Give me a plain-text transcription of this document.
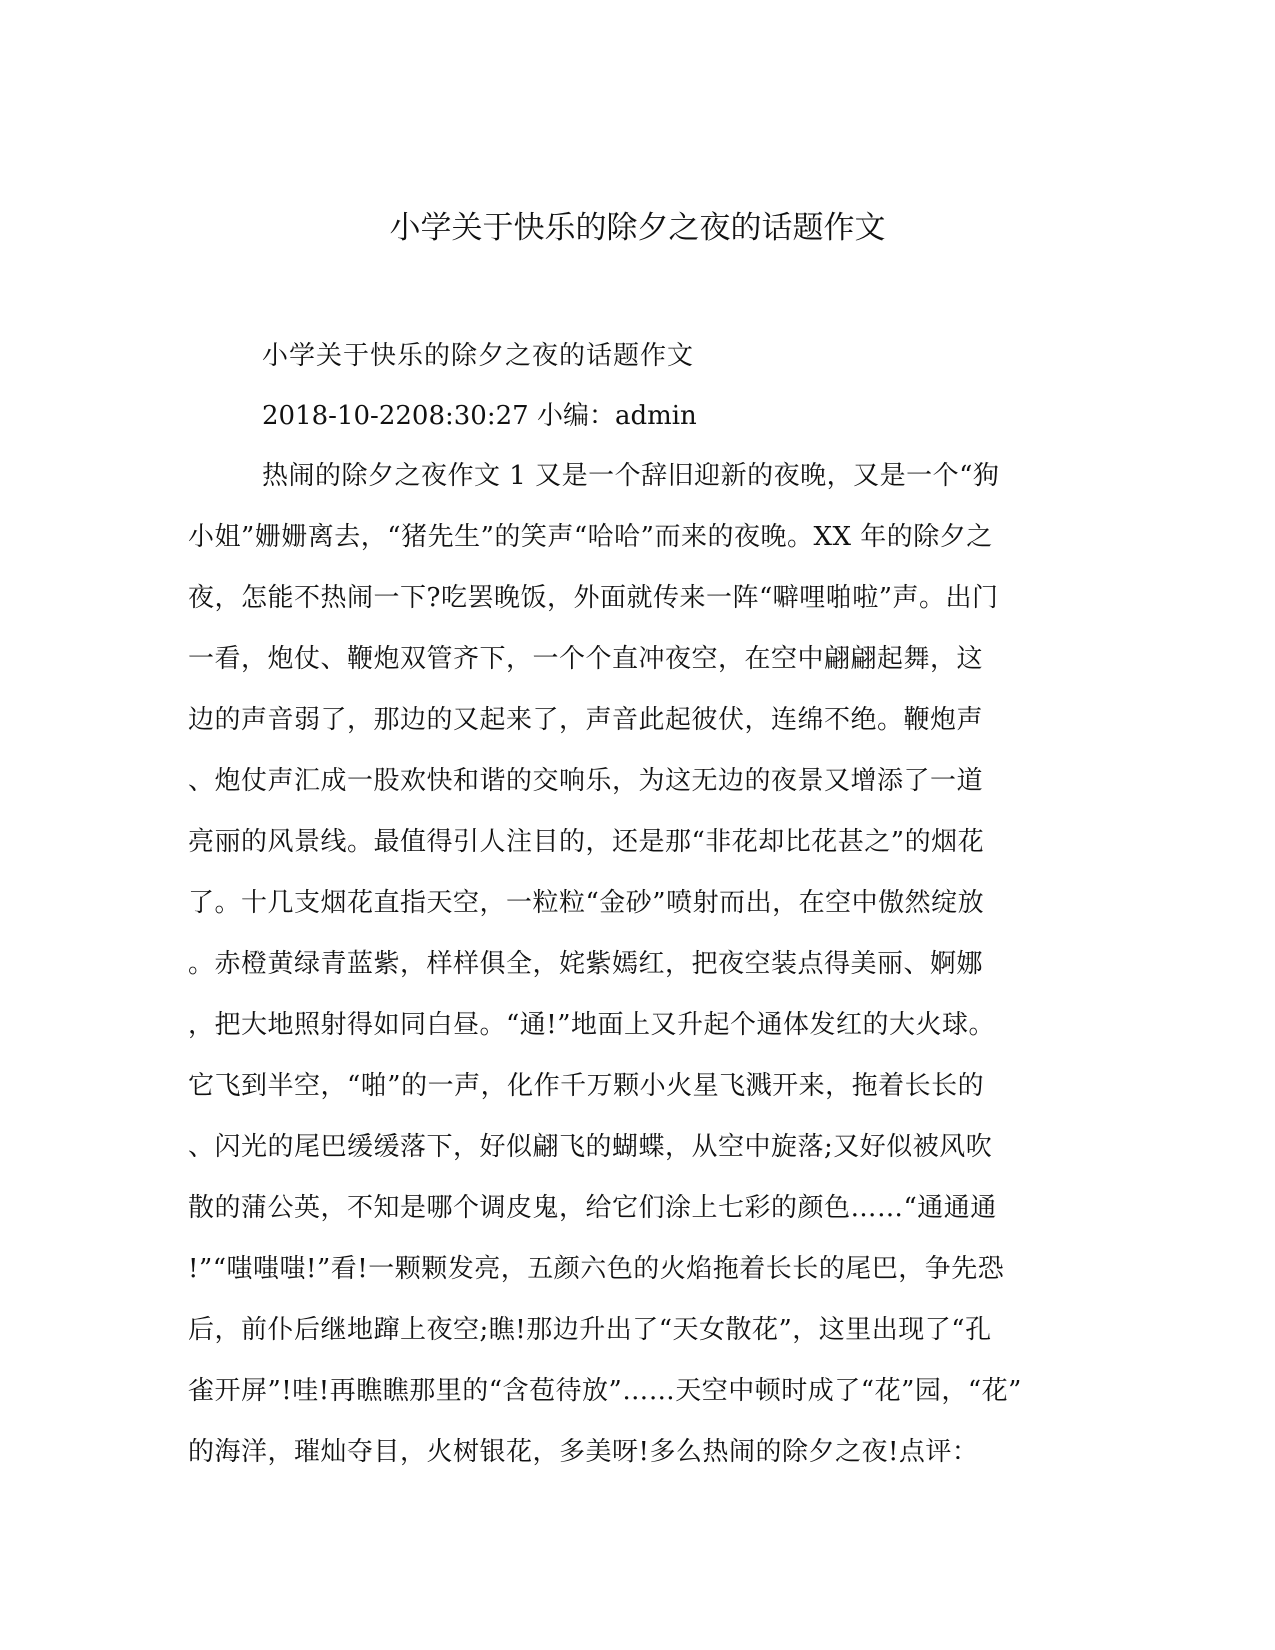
小学关于快乐的除夕之夜的话题作文
小学关于快乐的除夕之夜的话题作文
2018-10-2208:30:27 小编：admin
热闹的除夕之夜作文 1 又是一个辞旧迎新的夜晚，又是一个“狗
小姐”姗姗离去，“猪先生”的笑声“哈哈”而来的夜晚。XX 年的除夕之
夜，怎能不热闹一下?吃罢晚饭，外面就传来一阵“噼哩啪啦”声。出门
一看，炮仗、鞭炮双管齐下，一个个直冲夜空，在空中翩翩起舞，这
边的声音弱了，那边的又起来了，声音此起彼伏，连绵不绝。鞭炮声
、炮仗声汇成一股欢快和谐的交响乐，为这无边的夜景又增添了一道
亮丽的风景线。最值得引人注目的，还是那“非花却比花甚之”的烟花
了。十几支烟花直指天空，一粒粒“金砂”喷射而出，在空中傲然绽放
。赤橙黄绿青蓝紫，样样俱全，姹紫嫣红，把夜空装点得美丽、婀娜
，把大地照射得如同白昼。“通!”地面上又升起个通体发红的大火球。
它飞到半空，“啪”的一声，化作千万颗小火星飞溅开来，拖着长长的
、闪光的尾巴缓缓落下，好似翩飞的蝴蝶，从空中旋落;又好似被风吹
散的蒲公英，不知是哪个调皮鬼，给它们涂上七彩的颜色……“通通通
!”“嗤嗤嗤!”看!一颗颗发亮，五颜六色的火焰拖着长长的尾巴，争先恐
后，前仆后继地蹿上夜空;瞧!那边升出了“天女散花”，这里出现了“孔
雀开屏”!哇!再瞧瞧那里的“含苞待放”……天空中顿时成了“花”园，“花”
的海洋，璀灿夺目，火树银花，多美呀!多么热闹的除夕之夜!点评：
